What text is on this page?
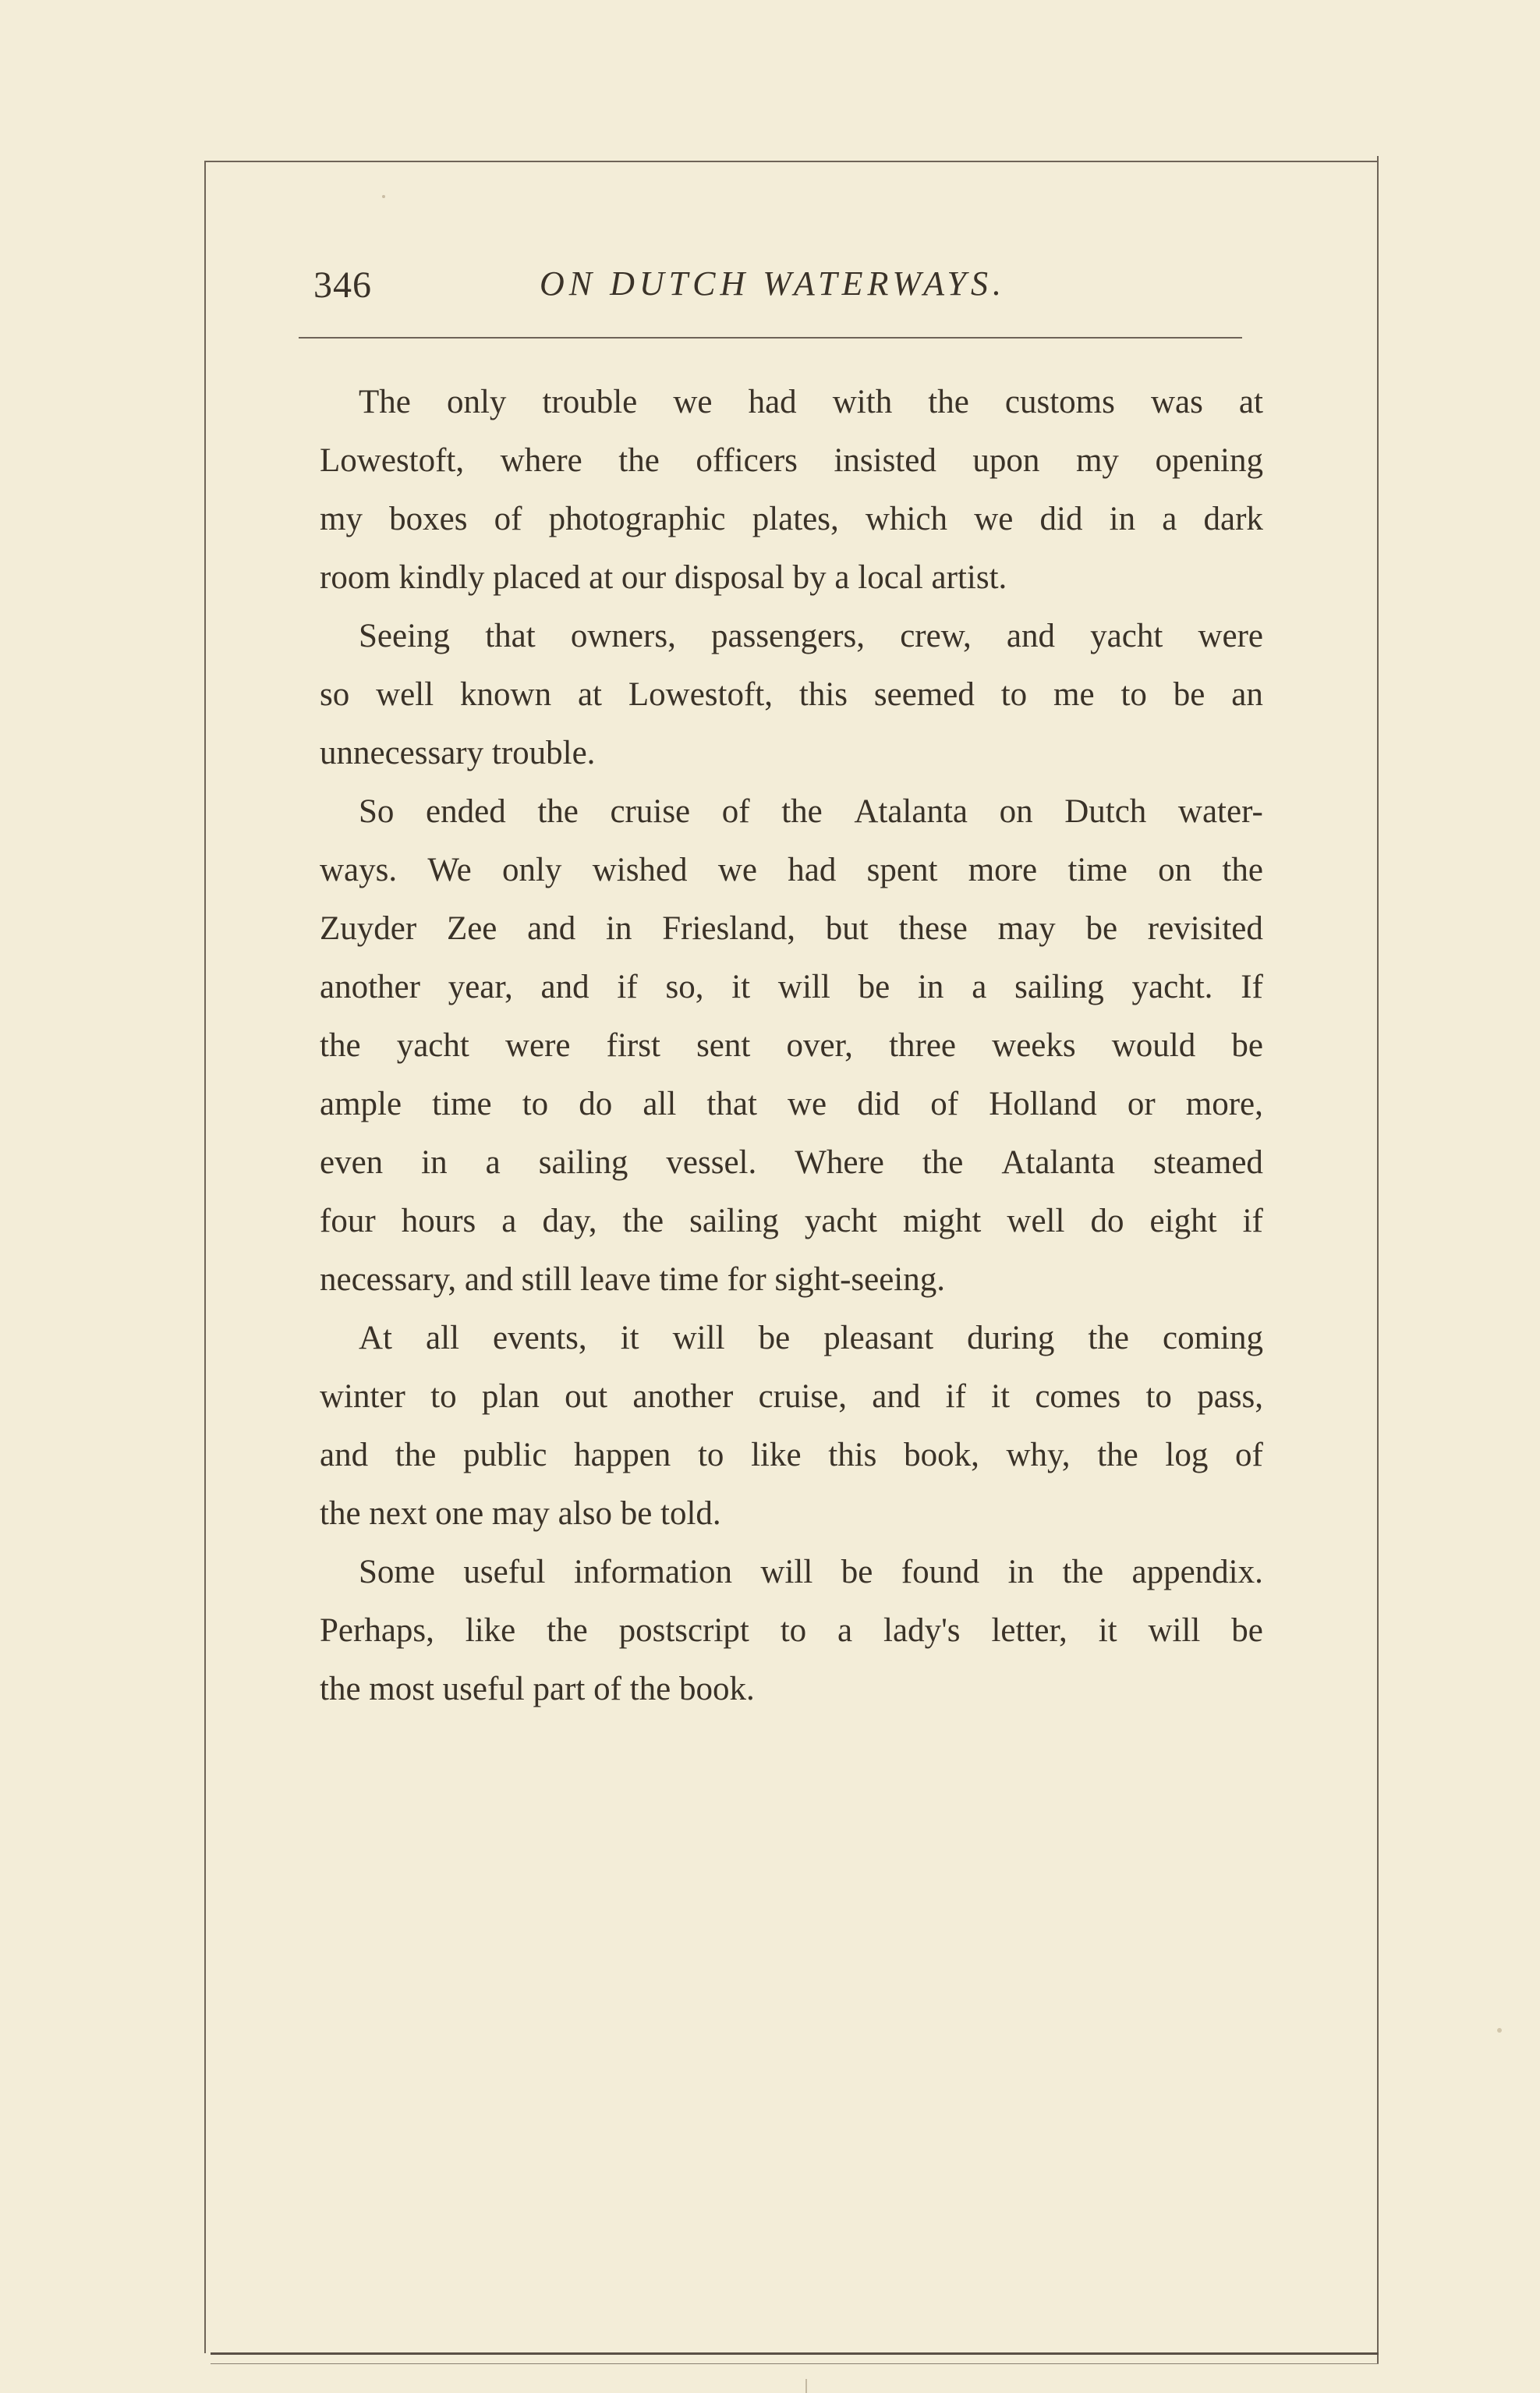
346	ON DUTCH WATERWAYS.
The only trouble we had with the customs was at
Lowestoft, where the officers insisted upon my opening
my boxes of photographic plates, which we did in a dark
room kindly placed at our disposal by a local artist.
Seeing that owners, passengers, crew, and yacht were
so well known at Lowestoft, this seemed to me to be an
unnecessary trouble.
So ended the cruise of the Atalanta on Dutch water-
ways. We only wished we had spent more time on the
Zuyder Zee and in Friesland, but these may be revisited
another year, and if so, it will be in a sailing yacht. If
the yacht were first sent over, three weeks would be
ample time to do all that we did of Holland or more,
even in a sailing vessel. Where the Atalanta steamed
four hours a day, the sailing yacht might well do eight if
necessary, and still leave time for sight-seeing.
At all events, it will be pleasant during the coming
winter to plan out another cruise, and if it comes to pass,
and the public happen to like this book, why, the log of
the next one may also be told.
Some useful information will be found in the appendix.
Perhaps, like the postscript to a lady's letter, it will be
the most useful part of the book.
